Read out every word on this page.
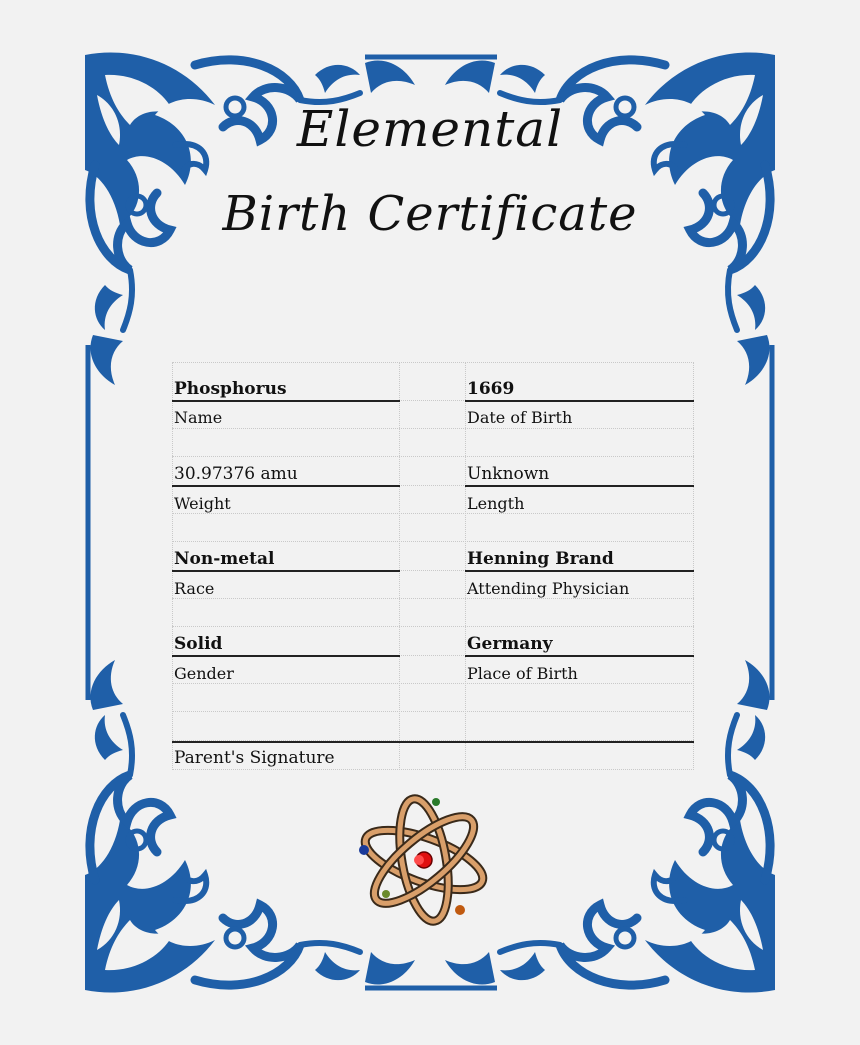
Elemental
Birth Certificate
Phosphorus
Name
1669
Date of Birth
30.97376 amu
Weight
Unknown
Length
Non-metal
Race
Henning Brand
Attending Physician
Solid
Gender
Germany
Place of Birth
Parent's Signature
